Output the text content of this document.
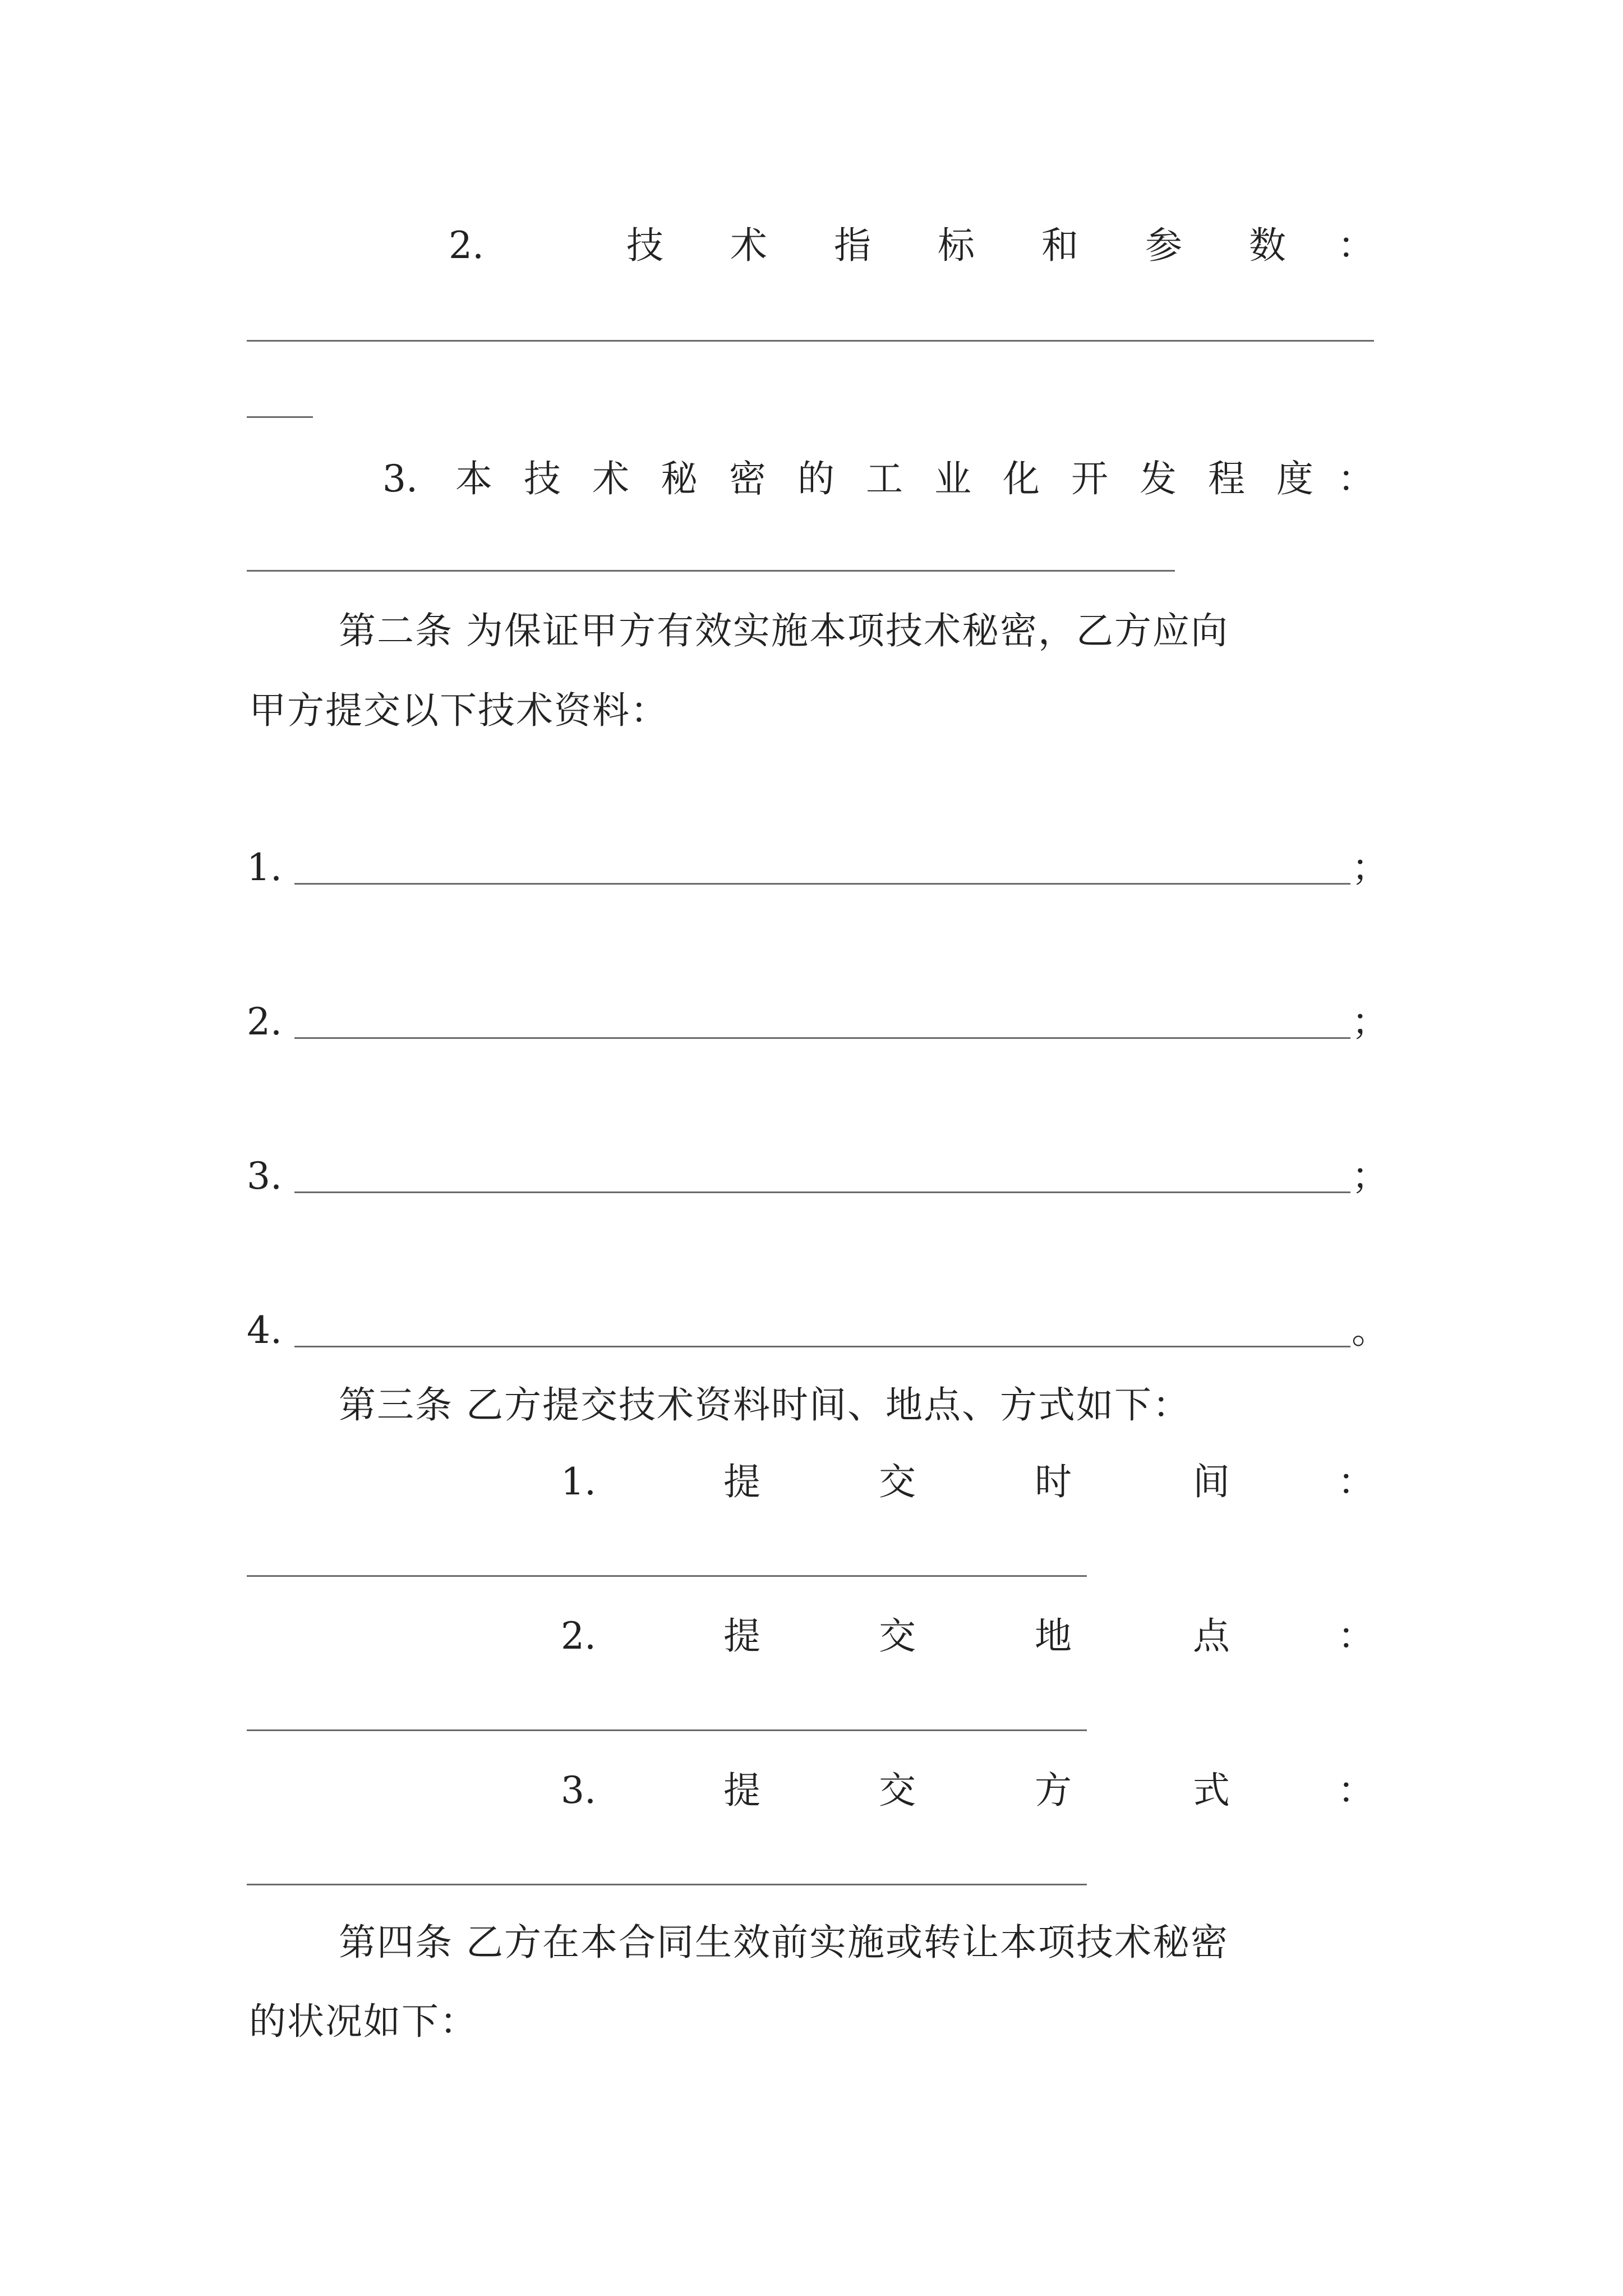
2.	技	术	指	标	和	参	数	：
3.	本 技 术 秘 密 的 工 业 化 开 发 程 度 ：
第二条 为保证甲方有效实施本项技术秘密，乙方应向
甲方提交以下技术资料：
1.	；
2.	；
3.	；
4.	。
第三条 乙方提交技术资料时间、地点、方式如下：
1.	提	交	时	间	：
2.	提	交	地	点	：
3.	提	交	方	式	：
第四条 乙方在本合同生效前实施或转让本项技术秘密
的状况如下：
